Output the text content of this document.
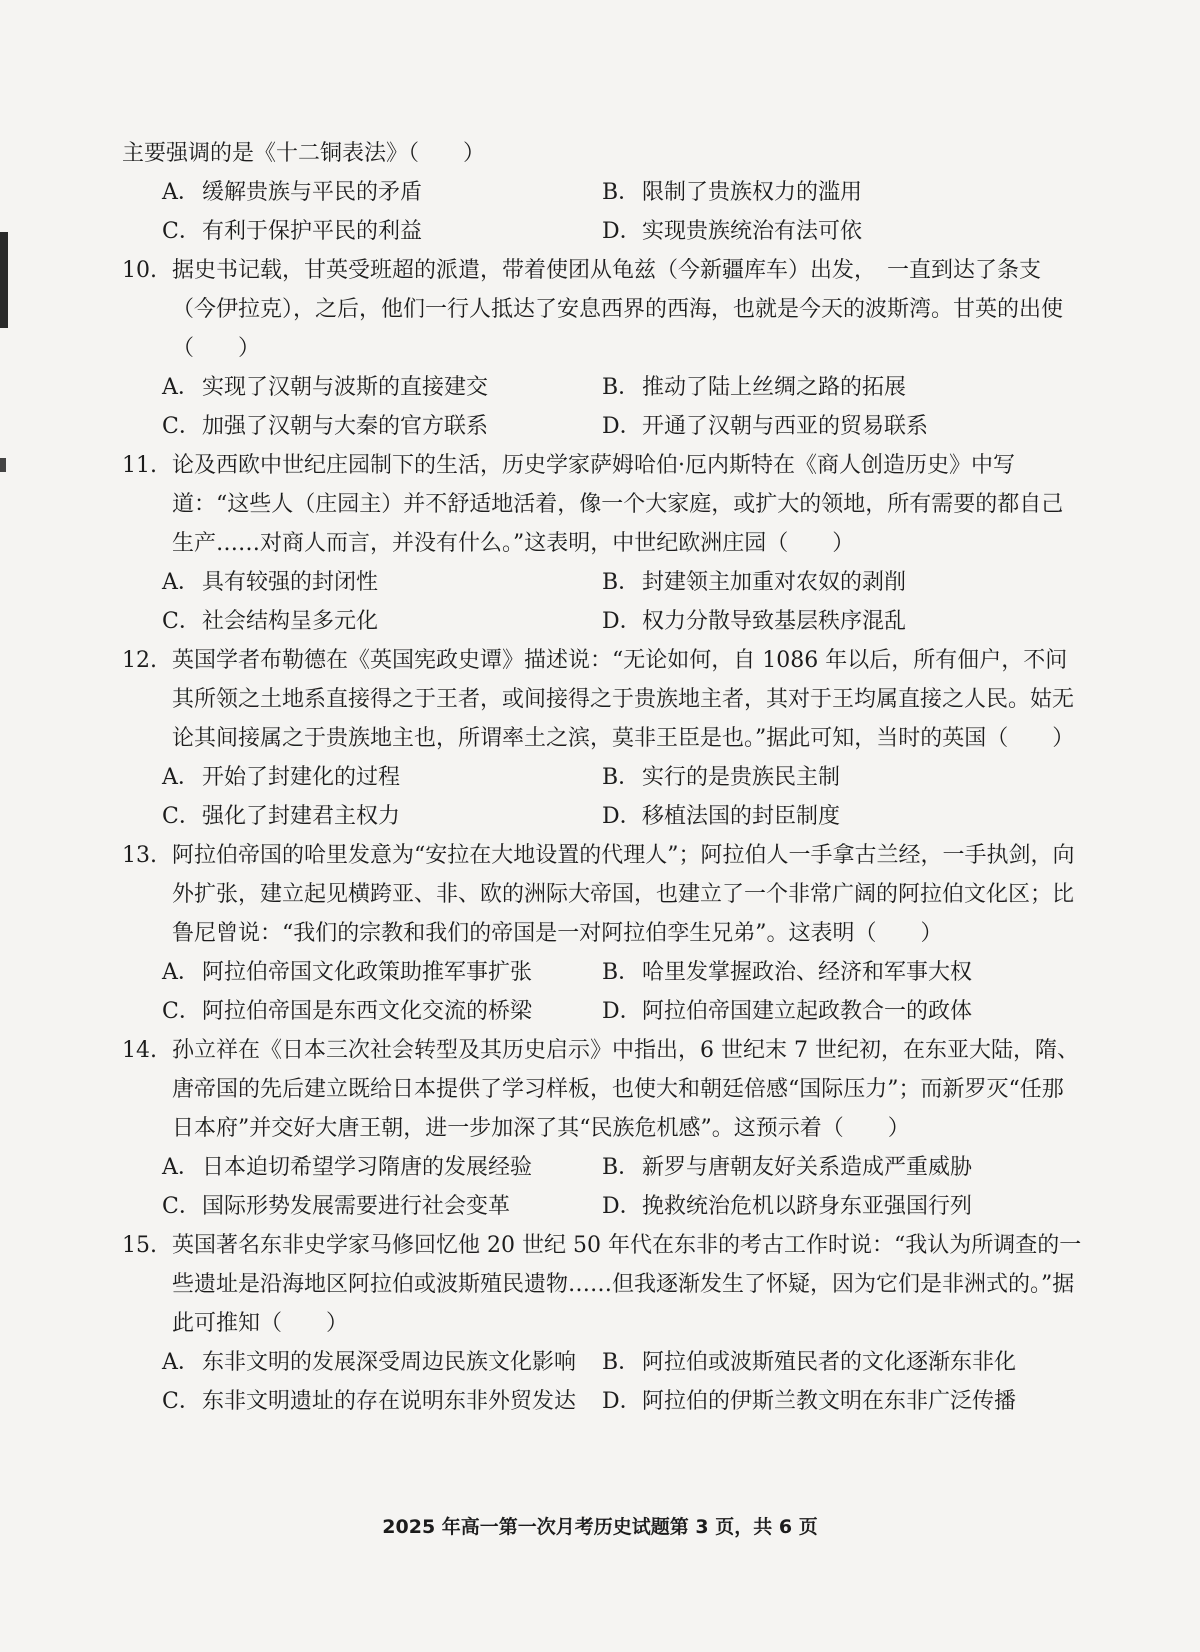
主要强调的是《十二铜表法》（　　）
A． 缓解贵族与平民的矛盾	B． 限制了贵族权力的滥用
C． 有利于保护平民的利益	D． 实现贵族统治有法可依
10. 据史书记载，甘英受班超的派遣，带着使团从龟兹（今新疆库车）出发，　一直到达了条支（今伊拉克），之后，他们一行人抵达了安息西界的西海，也就是今天的波斯湾。甘英的出使（　　）
A． 实现了汉朝与波斯的直接建交	B． 推动了陆上丝绸之路的拓展
C． 加强了汉朝与大秦的官方联系	D． 开通了汉朝与西亚的贸易联系
11. 论及西欧中世纪庄园制下的生活，历史学家萨姆哈伯·厄内斯特在《商人创造历史》中写道：“这些人（庄园主）并不舒适地活着，像一个大家庭，或扩大的领地，所有需要的都自己生产……对商人而言，并没有什么。”这表明，中世纪欧洲庄园（　　）
A． 具有较强的封闭性	B． 封建领主加重对农奴的剥削
C． 社会结构呈多元化	D． 权力分散导致基层秩序混乱
12. 英国学者布勒德在《英国宪政史谭》描述说：“无论如何，自 1086 年以后，所有佃户，不问其所领之土地系直接得之于王者，或间接得之于贵族地主者，其对于王均属直接之人民。姑无论其间接属之于贵族地主也，所谓率土之滨，莫非王臣是也。”据此可知，当时的英国（　　）
A． 开始了封建化的过程	B． 实行的是贵族民主制
C． 强化了封建君主权力	D． 移植法国的封臣制度
13. 阿拉伯帝国的哈里发意为“安拉在大地设置的代理人”；阿拉伯人一手拿古兰经，一手执剑，向外扩张，建立起见横跨亚、非、欧的洲际大帝国，也建立了一个非常广阔的阿拉伯文化区；比鲁尼曾说：“我们的宗教和我们的帝国是一对阿拉伯孪生兄弟”。这表明（　　）
A． 阿拉伯帝国文化政策助推军事扩张	B． 哈里发掌握政治、经济和军事大权
C． 阿拉伯帝国是东西文化交流的桥梁	D． 阿拉伯帝国建立起政教合一的政体
14. 孙立祥在《日本三次社会转型及其历史启示》中指出，6 世纪末 7 世纪初，在东亚大陆，隋、唐帝国的先后建立既给日本提供了学习样板，也使大和朝廷倍感“国际压力”；而新罗灭“任那日本府”并交好大唐王朝，进一步加深了其“民族危机感”。这预示着（　　）
A． 日本迫切希望学习隋唐的发展经验	B． 新罗与唐朝友好关系造成严重威胁
C． 国际形势发展需要进行社会变革	D． 挽救统治危机以跻身东亚强国行列
15. 英国著名东非史学家马修回忆他 20 世纪 50 年代在东非的考古工作时说：“我认为所调查的一些遗址是沿海地区阿拉伯或波斯殖民遗物……但我逐渐发生了怀疑，因为它们是非洲式的。”据此可推知（　　）
A． 东非文明的发展深受周边民族文化影响 B． 阿拉伯或波斯殖民者的文化逐渐东非化
C． 东非文明遗址的存在说明东非外贸发达 D． 阿拉伯的伊斯兰教文明在东非广泛传播
2025 年高一第一次月考历史试题第 3 页，共 6 页
